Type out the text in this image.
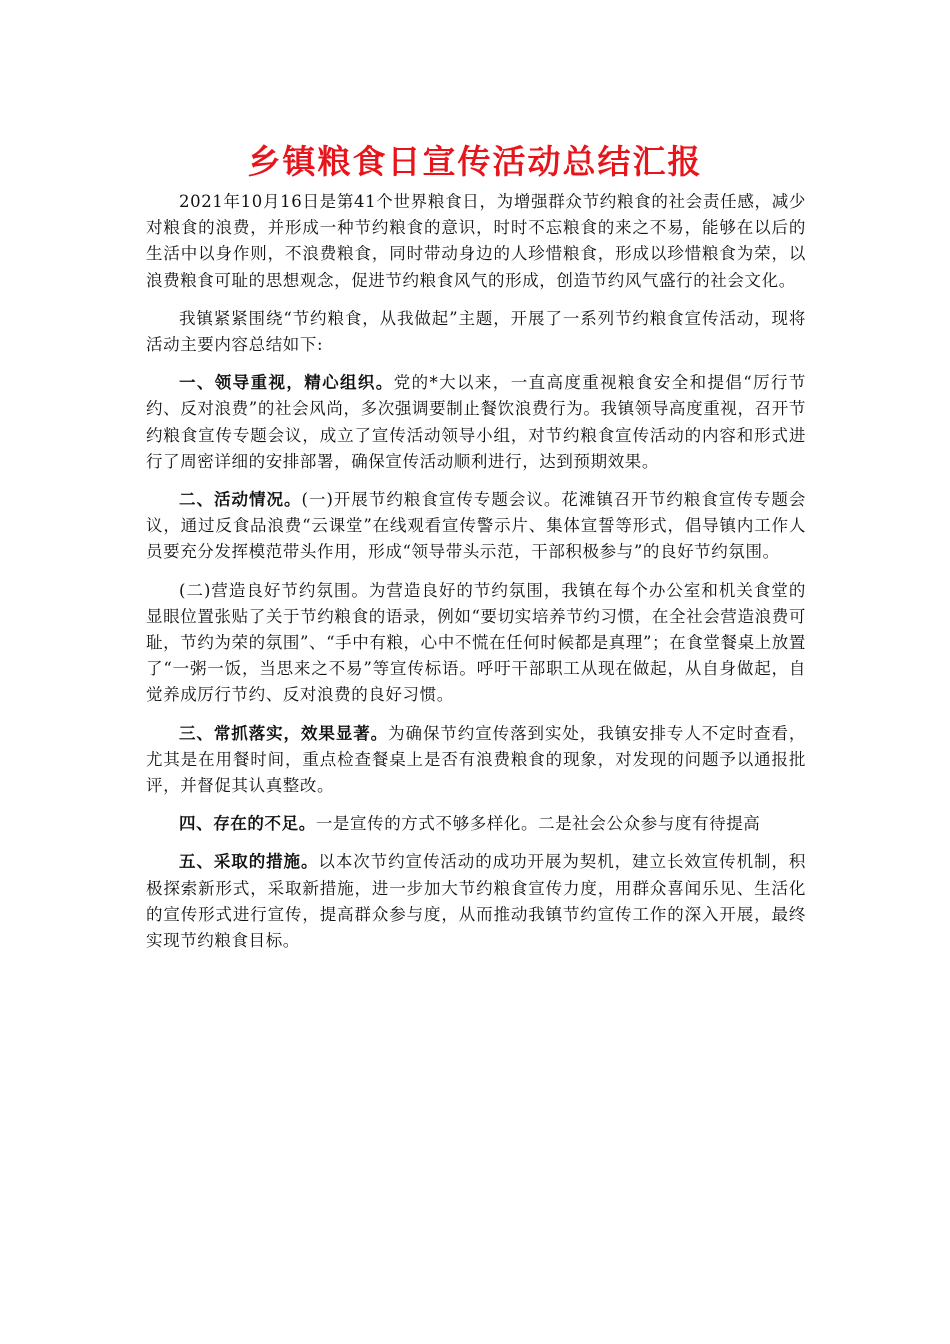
乡镇粮食日宣传活动总结汇报

2021年10月16日是第41个世界粮食日，为增强群众节约粮食的社会责任感，减少对粮食的浪费，并形成一种节约粮食的意识，时时不忘粮食的来之不易，能够在以后的生活中以身作则，不浪费粮食，同时带动身边的人珍惜粮食，形成以珍惜粮食为荣，以浪费粮食可耻的思想观念，促进节约粮食风气的形成，创造节约风气盛行的社会文化。

我镇紧紧围绕“节约粮食，从我做起”主题，开展了一系列节约粮食宣传活动，现将活动主要内容总结如下:

一、领导重视，精心组织。党的*大以来，一直高度重视粮食安全和提倡“厉行节约、反对浪费”的社会风尚，多次强调要制止餐饮浪费行为。我镇领导高度重视，召开节约粮食宣传专题会议，成立了宣传活动领导小组，对节约粮食宣传活动的内容和形式进行了周密详细的安排部署，确保宣传活动顺利进行，达到预期效果。

二、活动情况。(一)开展节约粮食宣传专题会议。花滩镇召开节约粮食宣传专题会议，通过反食品浪费“云课堂”在线观看宣传警示片、集体宣誓等形式，倡导镇内工作人员要充分发挥模范带头作用，形成“领导带头示范，干部积极参与”的良好节约氛围。

(二)营造良好节约氛围。为营造良好的节约氛围，我镇在每个办公室和机关食堂的显眼位置张贴了关于节约粮食的语录，例如“要切实培养节约习惯，在全社会营造浪费可耻，节约为荣的氛围”、“手中有粮，心中不慌在任何时候都是真理”；在食堂餐桌上放置了“一粥一饭，当思来之不易”等宣传标语。呼吁干部职工从现在做起，从自身做起，自觉养成厉行节约、反对浪费的良好习惯。

三、常抓落实，效果显著。为确保节约宣传落到实处，我镇安排专人不定时查看，尤其是在用餐时间，重点检查餐桌上是否有浪费粮食的现象，对发现的问题予以通报批评，并督促其认真整改。

四、存在的不足。一是宣传的方式不够多样化。二是社会公众参与度有待提高

五、采取的措施。以本次节约宣传活动的成功开展为契机，建立长效宣传机制，积极探索新形式，采取新措施，进一步加大节约粮食宣传力度，用群众喜闻乐见、生活化的宣传形式进行宣传，提高群众参与度，从而推动我镇节约宣传工作的深入开展，最终实现节约粮食目标。
